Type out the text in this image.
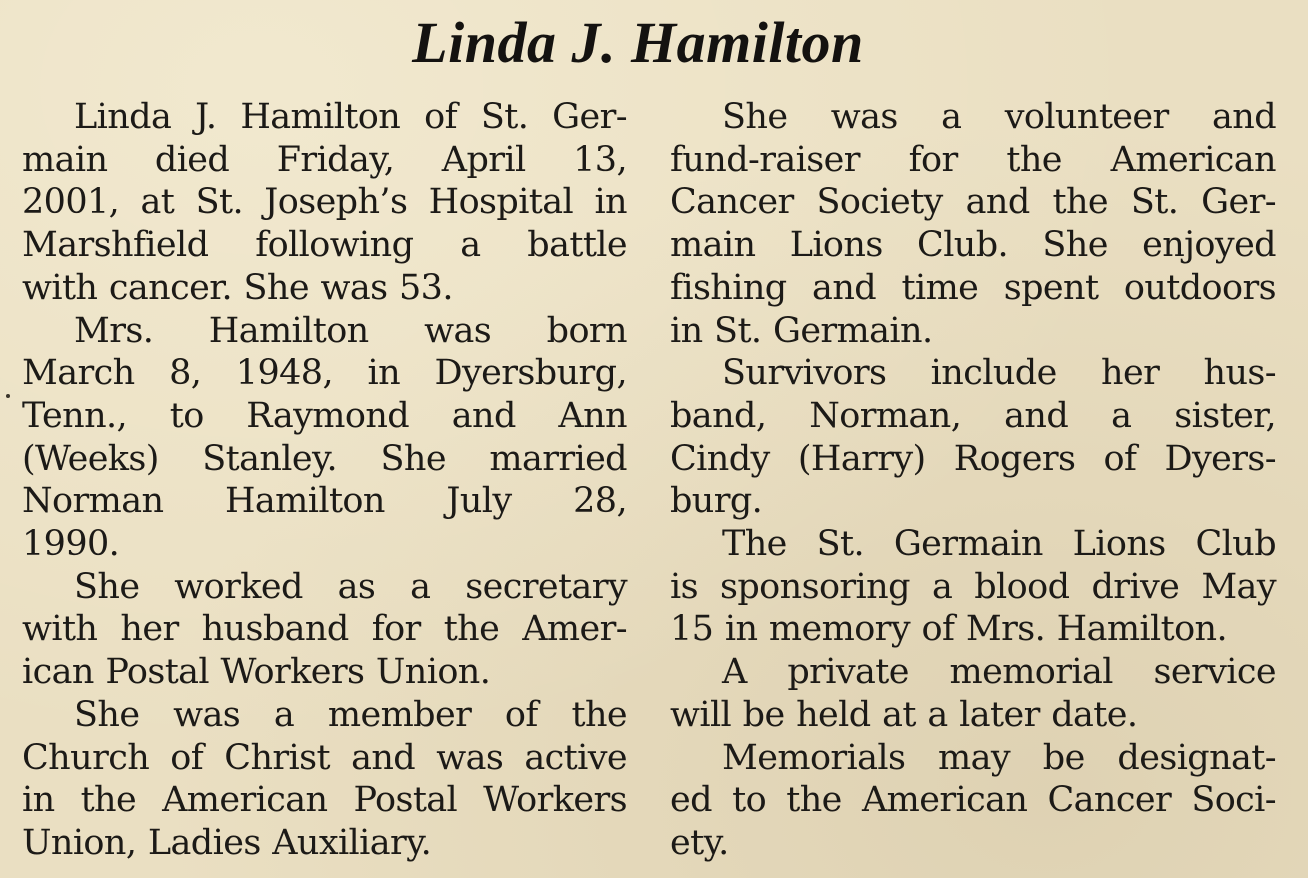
Linda J. Hamilton
Linda J. Hamilton of St. Ger-
main died Friday, April 13,
2001, at St. Joseph’s Hospital in
Marshfield following a battle
with cancer. She was 53.
Mrs. Hamilton was born
March 8, 1948, in Dyersburg,
Tenn., to Raymond and Ann
(Weeks) Stanley. She married
Norman Hamilton July 28,
1990.
She worked as a secretary
with her husband for the Amer-
ican Postal Workers Union.
She was a member of the
Church of Christ and was active
in the American Postal Workers
Union, Ladies Auxiliary.
She was a volunteer and
fund-raiser for the American
Cancer Society and the St. Ger-
main Lions Club. She enjoyed
fishing and time spent outdoors
in St. Germain.
Survivors include her hus-
band, Norman, and a sister,
Cindy (Harry) Rogers of Dyers-
burg.
The St. Germain Lions Club
is sponsoring a blood drive May
15 in memory of Mrs. Hamilton.
A private memorial service
will be held at a later date.
Memorials may be designat-
ed to the American Cancer Soci-
ety.
